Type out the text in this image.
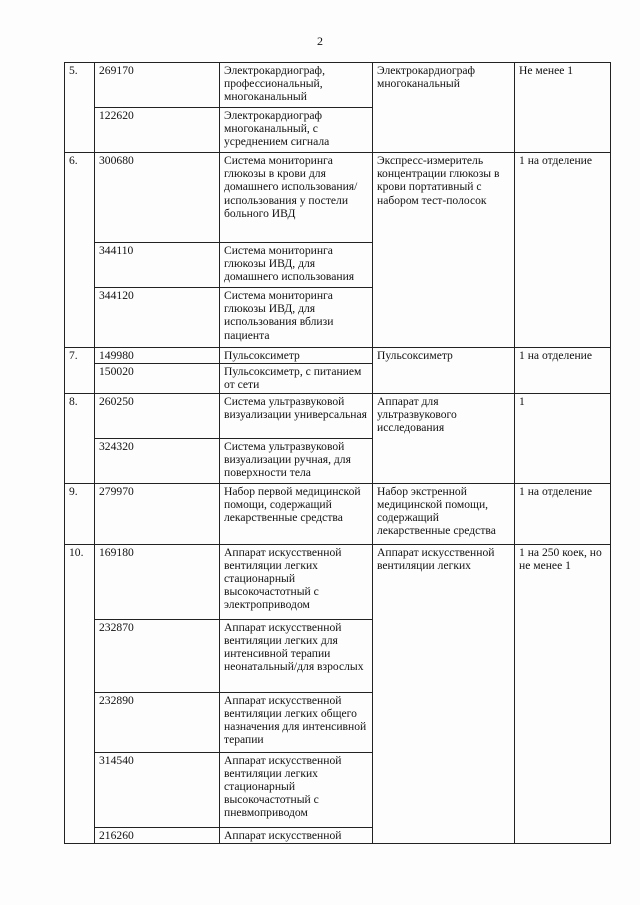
2
5.	269170	Электрокардиограф, профессиональный, многоканальный	Электрокардиограф многоканальный	Не менее 1
	122620	Электрокардиограф многоканальный, с усреднением сигнала		
6.	300680	Система мониторинга глюкозы в крови для домашнего использования/ использования у постели больного ИВД	Экспресс-измеритель концентрации глюкозы в крови портативный с набором тест-полосок	1 на отделение
	344110	Система мониторинга глюкозы ИВД, для домашнего использования		
	344120	Система мониторинга глюкозы ИВД, для использования вблизи пациента		
7.	149980	Пульсоксиметр	Пульсоксиметр	1 на отделение
	150020	Пульсоксиметр, с питанием от сети		
8.	260250	Система ультразвуковой визуализации универсальная	Аппарат для ультразвукового исследования	1
	324320	Система ультразвуковой визуализации ручная, для поверхности тела		
9.	279970	Набор первой медицинской помощи, содержащий лекарственные средства	Набор экстренной медицинской помощи, содержащий лекарственные средства	1 на отделение
10.	169180	Аппарат искусственной вентиляции легких стационарный высокочастотный с электроприводом	Аппарат искусственной вентиляции легких	1 на 250 коек, но не менее 1
	232870	Аппарат искусственной вентиляции легких для интенсивной терапии неонатальный/для взрослых		
	232890	Аппарат искусственной вентиляции легких общего назначения для интенсивной терапии		
	314540	Аппарат искусственной вентиляции легких стационарный высокочастотный с пневмоприводом		
	216260	Аппарат искусственной		
